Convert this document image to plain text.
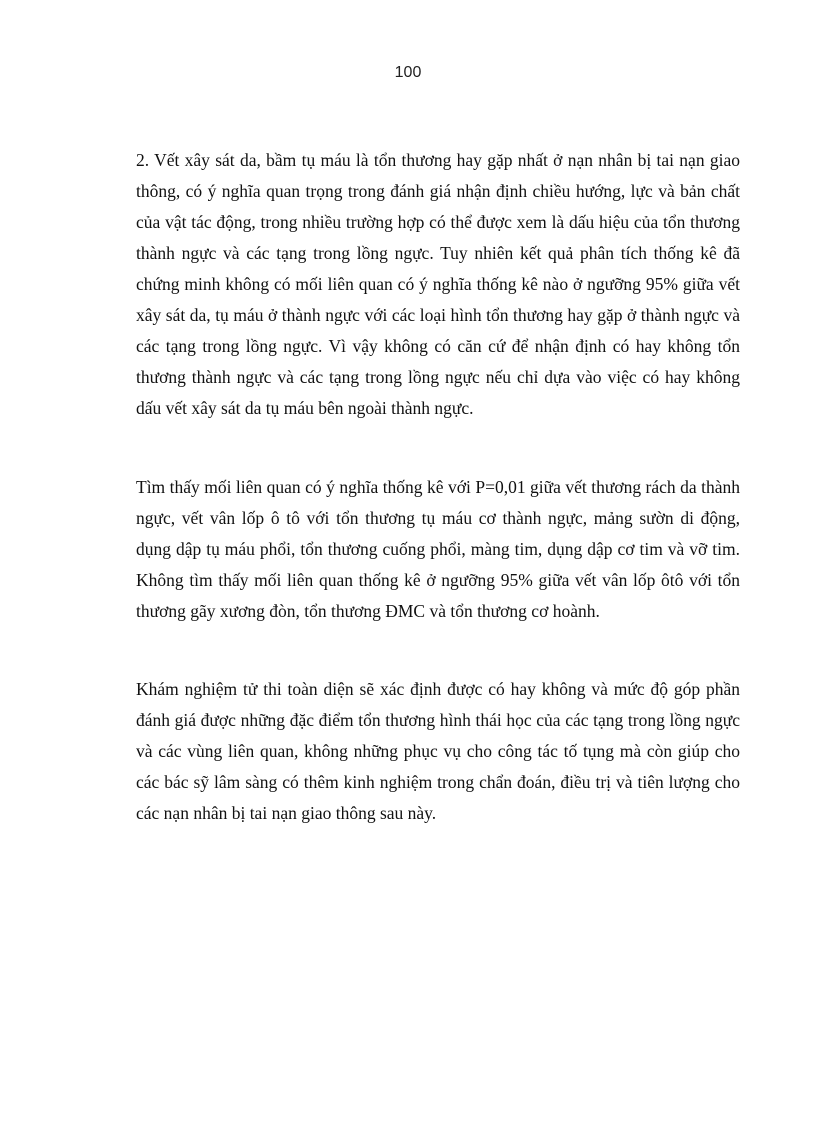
100

2. Vết xây sát da, bầm tụ máu là tổn thương hay gặp nhất ở nạn nhân bị tai nạn giao thông, có ý nghĩa quan trọng trong đánh giá nhận định chiều hướng, lực và bản chất của vật tác động, trong nhiều trường hợp có thể được xem là dấu hiệu của tổn thương thành ngực và các tạng trong lồng ngực. Tuy nhiên kết quả phân tích thống kê đã chứng minh không có mối liên quan có ý nghĩa thống kê nào ở ngưỡng 95% giữa vết xây sát da, tụ máu ở thành ngực với các loại hình tổn thương hay gặp ở thành ngực và các tạng trong lồng ngực. Vì vậy không có căn cứ để nhận định có hay không tổn thương thành ngực và các tạng trong lồng ngực nếu chỉ dựa vào việc có hay không dấu vết xây sát da tụ máu bên ngoài thành ngực.

Tìm thấy mối liên quan có ý nghĩa thống kê với P=0,01 giữa vết thương rách da thành ngực, vết vân lốp ô tô với tổn thương tụ máu cơ thành ngực, mảng sườn di động, dụng dập tụ máu phổi, tổn thương cuống phổi, màng tim, dụng dập cơ tim và vỡ tim. Không tìm thấy mối liên quan thống kê ở ngưỡng 95% giữa vết vân lốp ôtô với tổn thương gãy xương đòn, tổn thương ĐMC và tổn thương cơ hoành.

Khám nghiệm tử thi toàn diện sẽ xác định được có hay không và mức độ góp phần đánh giá được những đặc điểm tổn thương hình thái học của các tạng trong lồng ngực và các vùng liên quan, không những phục vụ cho công tác tố tụng mà còn giúp cho các bác sỹ lâm sàng có thêm kinh nghiệm trong chẩn đoán, điều trị và tiên lượng cho các nạn nhân bị tai nạn giao thông sau này.
